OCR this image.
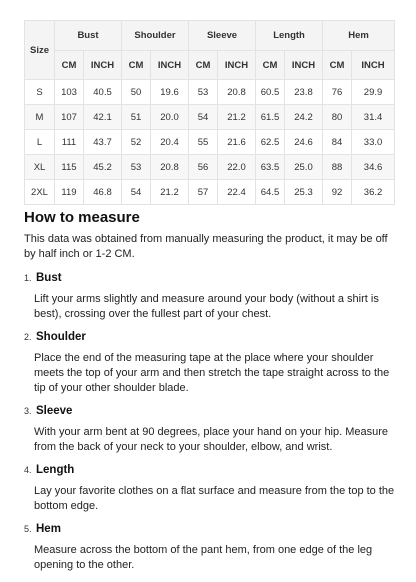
Size	Bust		Shoulder		Sleeve		Length		Hem	
	CM	INCH	CM	INCH	CM	INCH	CM	INCH	CM	INCH
S	103	40.5	50	19.6	53	20.8	60.5	23.8	76	29.9
M	107	42.1	51	20.0	54	21.2	61.5	24.2	80	31.4
L	111	43.7	52	20.4	55	21.6	62.5	24.6	84	33.0
XL	115	45.2	53	20.8	56	22.0	63.5	25.0	88	34.6
2XL	119	46.8	54	21.2	57	22.4	64.5	25.3	92	36.2
How to measure

This data was obtained from manually measuring the product, it may be off by half inch or 1-2 CM.

1. Bust
Lift your arms slightly and measure around your body (without a shirt is best), crossing over the fullest part of your chest.
2. Shoulder
Place the end of the measuring tape at the place where your shoulder meets the top of your arm and then stretch the tape straight across to the tip of your other shoulder blade.
3. Sleeve
With your arm bent at 90 degrees, place your hand on your hip. Measure from the back of your neck to your shoulder, elbow, and wrist.
4. Length
Lay your favorite clothes on a flat surface and measure from the top to the bottom edge.
5. Hem
Measure across the bottom of the pant hem, from one edge of the leg opening to the other.
